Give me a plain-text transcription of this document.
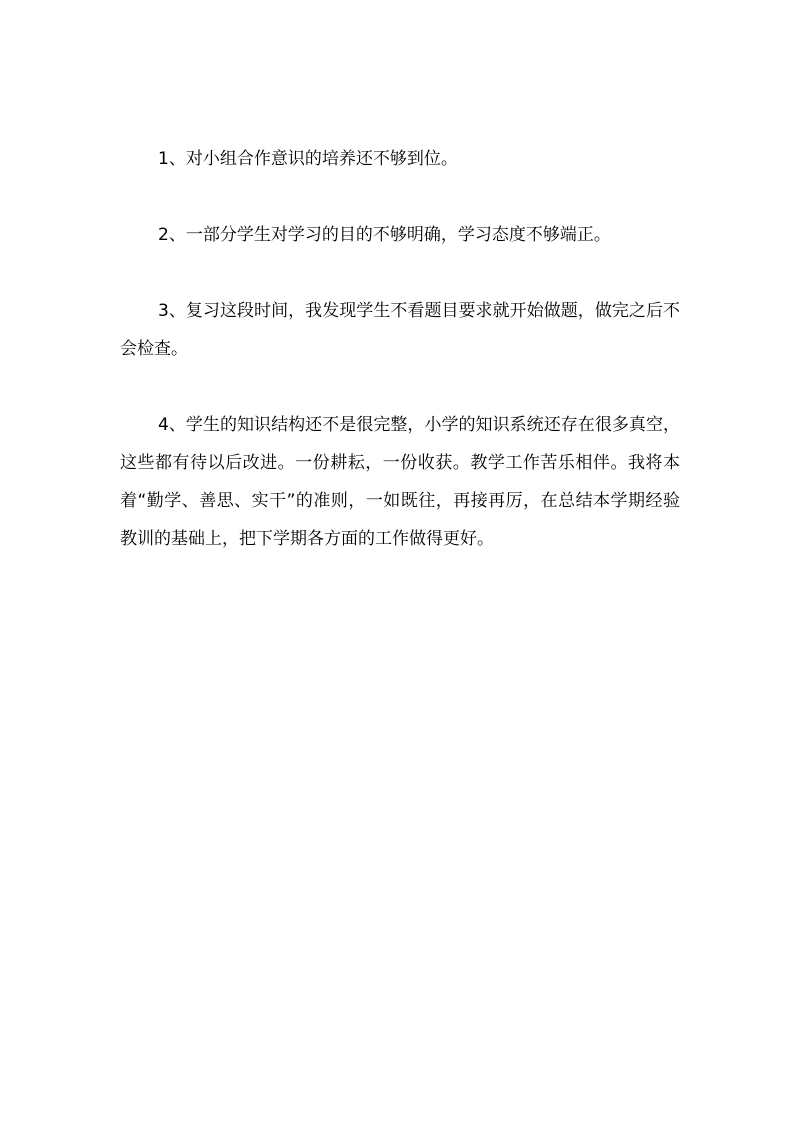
1、对小组合作意识的培养还不够到位。

2、一部分学生对学习的目的不够明确，学习态度不够端正。

3、复习这段时间，我发现学生不看题目要求就开始做题，做完之后不会检查。

4、学生的知识结构还不是很完整，小学的知识系统还存在很多真空，这些都有待以后改进。一份耕耘，一份收获。教学工作苦乐相伴。我将本着“勤学、善思、实干”的准则，一如既往，再接再厉，在总结本学期经验教训的基础上，把下学期各方面的工作做得更好。
